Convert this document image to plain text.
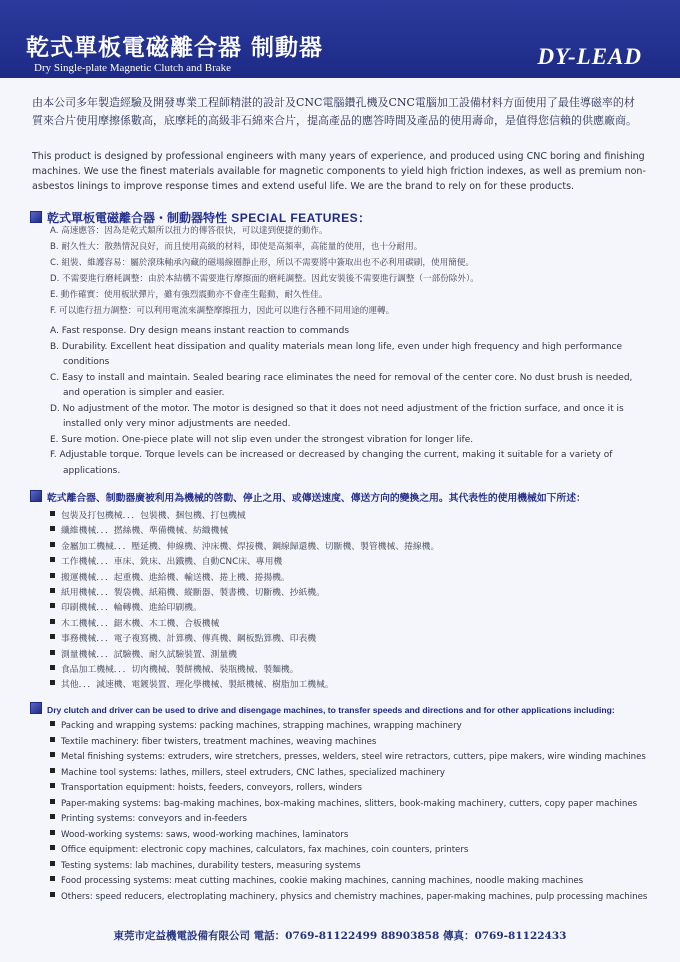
乾式單板電磁離合器 制動器
Dry Single-plate Magnetic Clutch and Brake	DY-LEAD
由本公司多年製造經驗及開發專業工程師精湛的設計及CNC電腦鑽孔機及CNC電腦加工設備材料方面使用了最佳導磁率的材質來合片使用摩擦係數高，底摩耗的高級非石綿來合片，提高產品的應答時間及產品的使用壽命，是值得您信賴的供應廠商。
This product is designed by professional engineers with many years of experience, and produced using CNC boring and finishing machines. We use the finest materials available for magnetic components to yield high friction indexes, as well as premium non-asbestos linings to improve response times and extend useful life. We are the brand to rely on for these products.
乾式單板電磁離合器・制動器特性 SPECIAL FEATURES：
A. 高速應答：因為是乾式類所以扭力的傳答很快，可以達到便捷的動作。
B. 耐久性大：散熱情況良好，而且使用高級的材料，即使是高頻率，高能量的使用，也十分耐用。
C. 組裝、維護容易：屬於滾珠軸承內藏的磁場線圈靜止形，所以不需要將中簽取出也不必利用碳刷，使用簡便。
D. 不需要進行磨耗調整：由於本結構不需要進行摩擦面的磨耗調整。因此安裝後不需要進行調整（一部份除外）。
E. 動作確實：使用板狀彈片，雖有強烈震動亦不會產生鬆動，耐久性佳。
F. 可以進行扭力調整：可以利用電流來調整摩擦扭力，因此可以進行各種不同用途的運轉。
A. Fast response. Dry design means instant reaction to commands
B. Durability. Excellent heat dissipation and quality materials mean long life, even under high frequency and high performance conditions
C. Easy to install and maintain. Sealed bearing race eliminates the need for removal of the center core. No dust brush is needed, and operation is simpler and easier.
D. No adjustment of the motor. The motor is designed so that it does not need adjustment of the friction surface, and once it is installed only very minor adjustments are needed.
E. Sure motion. One-piece plate will not slip even under the strongest vibration for longer life.
F. Adjustable torque. Torque levels can be increased or decreased by changing the current, making it suitable for a variety of applications.
乾式離合器、制動器廣被利用為機械的啓動、停止之用、或傳送速度、傳送方向的變換之用。其代表性的使用機械如下所述：
包裝及打包機械．．．包裝機、捆包機、打包機械
纖維機械．．．撚絲機、準備機械、紡織機械
金屬加工機械．．．壓延機、伸線機、沖床機、焊接機、鋼線歸還機、切斷機、製管機械、捲線機。
工作機械．．．車床、銑床、出鐵機、自動CNC床、專用機
搬運機械．．．起重機、進給機、輸送機、捲上機、捲揚機。
紙用機械．．．製袋機、紙箱機、縱斷器、製書機、切斷機、抄紙機。
印刷機械．．．輪轉機、進給印刷機。
木工機械．．．鋸木機、木工機、合板機械
事務機械．．．電子複寫機、計算機、傳真機、鋼板點算機、印表機
測量機械．．．試驗機、耐久試驗裝置、測量機
食品加工機械．．．切肉機械、製餅機械、裝瓶機械、製麵機。
其他．．．減速機、電鍍裝置、理化學機械、製紙機械、樹脂加工機械。
Dry clutch and driver can be used to drive and disengage machines, to transfer speeds and directions and for other applications including:
Packing and wrapping systems: packing machines, strapping machines, wrapping machinery
Textile machinery: fiber twisters, treatment machines, weaving machines
Metal finishing systems: extruders, wire stretchers, presses, welders, steel wire retractors, cutters, pipe makers, wire winding machines
Machine tool systems: lathes, millers, steel extruders, CNC lathes, specialized machinery
Transportation equipment: hoists, feeders, conveyors, rollers, winders
Paper-making systems: bag-making machines, box-making machines, slitters, book-making machinery, cutters, copy paper machines
Printing systems: conveyors and in-feeders
Wood-working systems: saws, wood-working machines, laminators
Office equipment: electronic copy machines, calculators, fax machines, coin counters, printers
Testing systems: lab machines, durability testers, measuring systems
Food processing systems: meat cutting machines, cookie making machines, canning machines, noodle making machines
Others: speed reducers, electroplating machinery, physics and chemistry machines, paper-making machines, pulp processing machines
東莞市定益機電設備有限公司 電話：0769-81122499 88903858 傳真：0769-81122433
